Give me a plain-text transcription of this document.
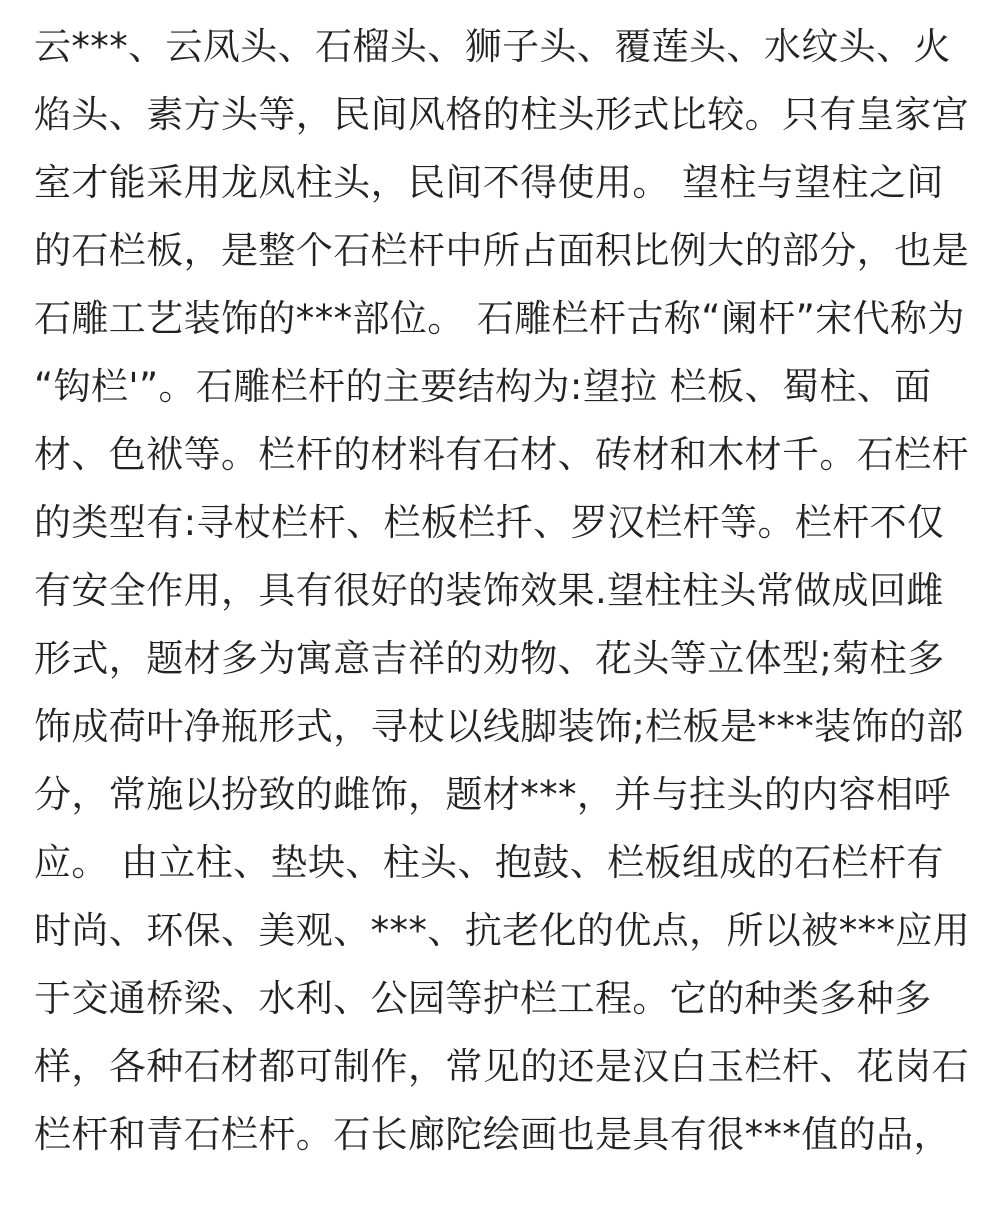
云***、云凤头、石榴头、狮子头、覆莲头、水纹头、火
焰头、素方头等，民间风格的柱头形式比较。只有皇家宫
室才能采用龙凤柱头，民间不得使用。 望柱与望柱之间
的石栏板，是整个石栏杆中所占面积比例大的部分，也是
石雕工艺装饰的***部位。 石雕栏杆古称“阑杆”宋代称为
“钩栏'”。石雕栏杆的主要结构为:望拉 栏板、蜀柱、面
材、色袱等。栏杆的材料有石材、砖材和木材千。石栏杆
的类型有:寻杖栏杆、栏板栏扦、罗汉栏杆等。栏杆不仅
有安全作用，具有很好的装饰效果.望柱柱头常做成回雌
形式，题材多为寓意吉祥的劝物、花头等立体型;菊柱多
饰成荷叶净瓶形式，寻杖以线脚装饰;栏板是***装饰的部
分，常施以扮致的雌饰，题材***，并与拄头的内容相呼
应。 由立柱、垫块、柱头、抱鼓、栏板组成的石栏杆有
时尚、环保、美观、***、抗老化的优点，所以被***应用
于交通桥梁、水利、公园等护栏工程。它的种类多种多
样，各种石材都可制作，常见的还是汉白玉栏杆、花岗石
栏杆和青石栏杆。石长廊陀绘画也是具有很***值的品，
